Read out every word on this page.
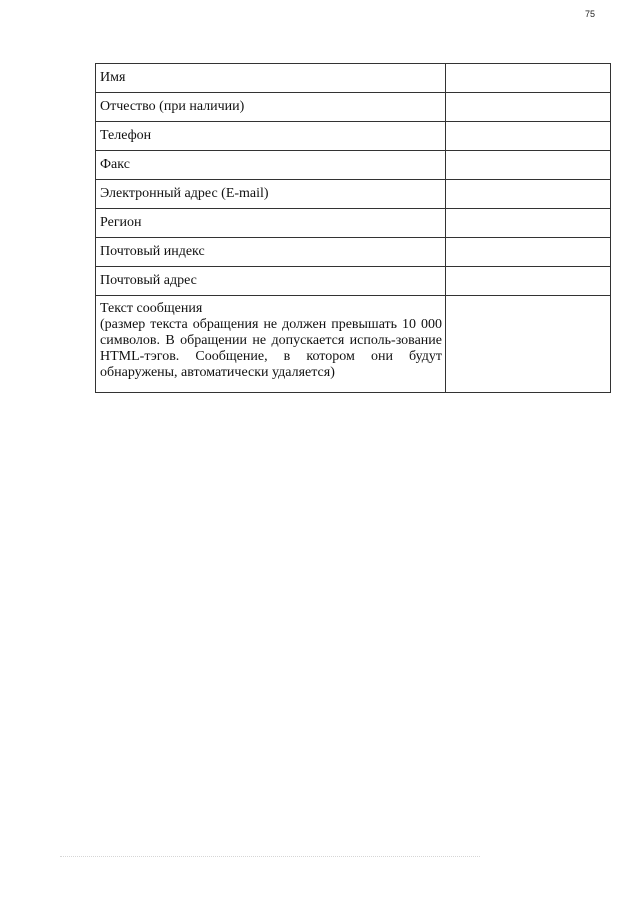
75
Имя	

Отчество (при наличии)	

Телефон	

Факс	

Электронный адрес (E-mail)	

Регион	

Почтовый индекс	

Почтовый адрес	

Текст сообщения
(размер текста обращения не должен превышать 10 000 символов. В обращении не допускается исполь-зование HTML-тэгов. Сообщение, в котором они будут обнаружены, автоматически удаляется)	
